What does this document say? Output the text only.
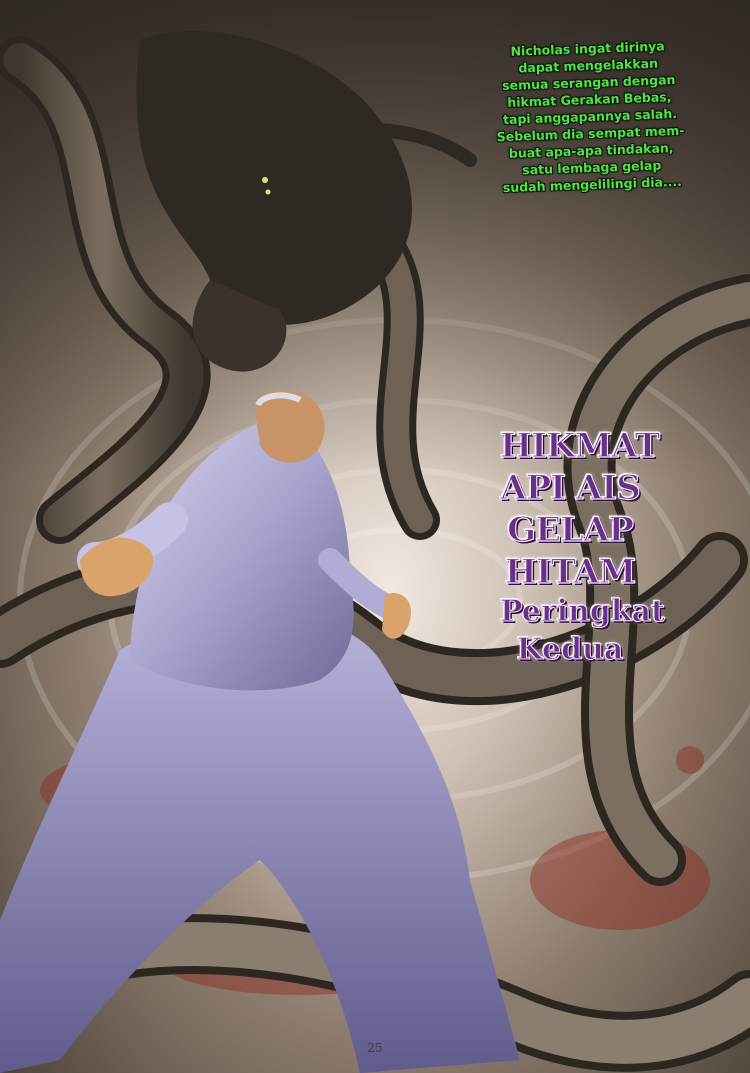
Nicholas ingat dirinya
dapat mengelakkan
semua serangan dengan
hikmat Gerakan Bebas,
tapi anggapannya salah.
Sebelum dia sempat mem-
buat apa-apa tindakan,
satu lembaga gelap
sudah mengelilingi dia....
HIKMAT
API AIS
GELAP
HITAM
Peringkat
Kedua
25
